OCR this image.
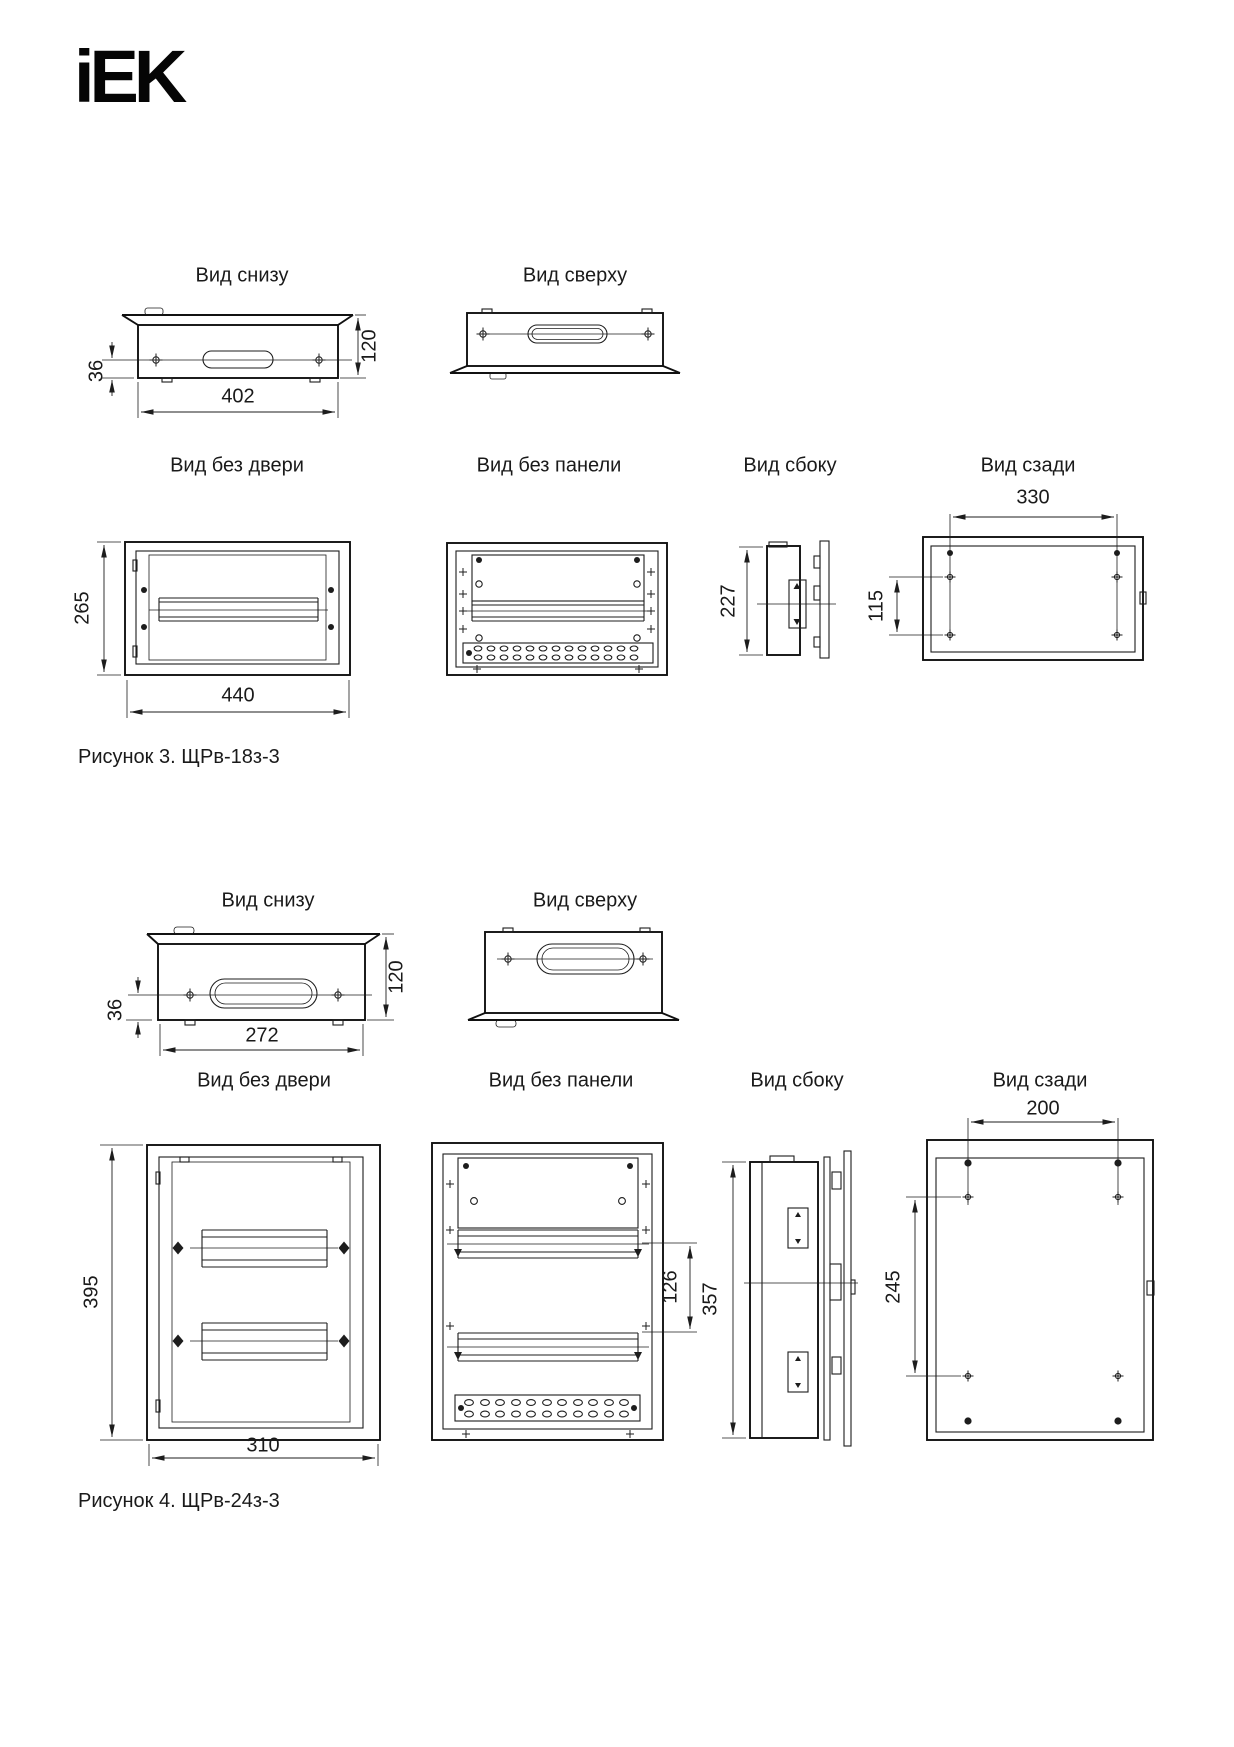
iEK
Вид снизу	Вид сверху
36
120
402
Вид без двери	Вид без панели	Вид сбоку	Вид сзади
265
440
227
330
115
Рисунок 3. ЩРв-18з-3
Вид снизу	Вид сверху
36
120
272
Вид без двери	Вид без панели	Вид сбоку	Вид сзади
200
395
310
126 357	245
Рисунок 4. ЩРв-24з-3
